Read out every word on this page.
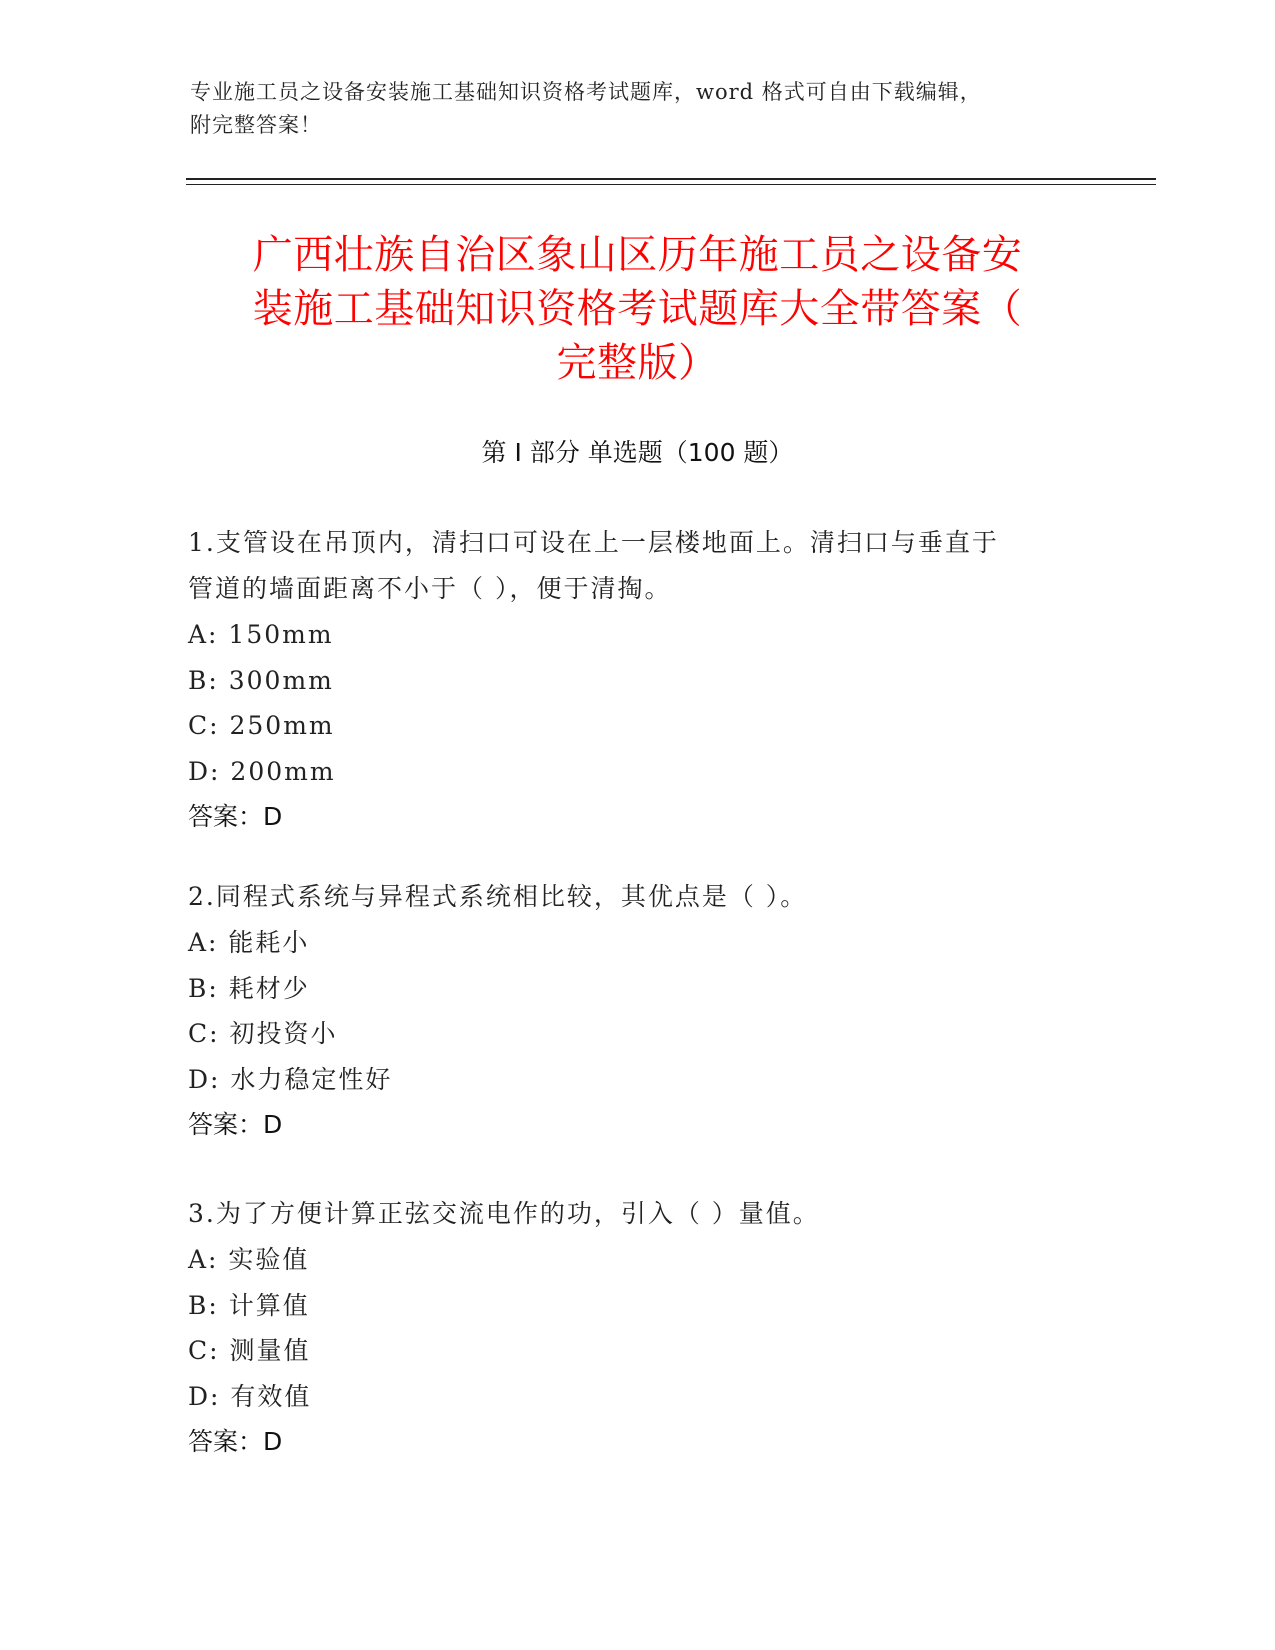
专业施工员之设备安装施工基础知识资格考试题库，word 格式可自由下载编辑，
附完整答案！
广西壮族自治区象山区历年施工员之设备安
装施工基础知识资格考试题库大全带答案（
完整版）
第 I 部分 单选题（100 题）
1.支管设在吊顶内，清扫口可设在上一层楼地面上。清扫口与垂直于
管道的墙面距离不小于（ ），便于清掏。
A: 150mm
B: 300mm
C: 250mm
D: 200mm
答案：D
2.同程式系统与异程式系统相比较，其优点是（ ）。
A: 能耗小
B: 耗材少
C: 初投资小
D: 水力稳定性好
答案：D
3.为了方便计算正弦交流电作的功，引入（ ）量值。
A: 实验值
B: 计算值
C: 测量值
D: 有效值
答案：D
